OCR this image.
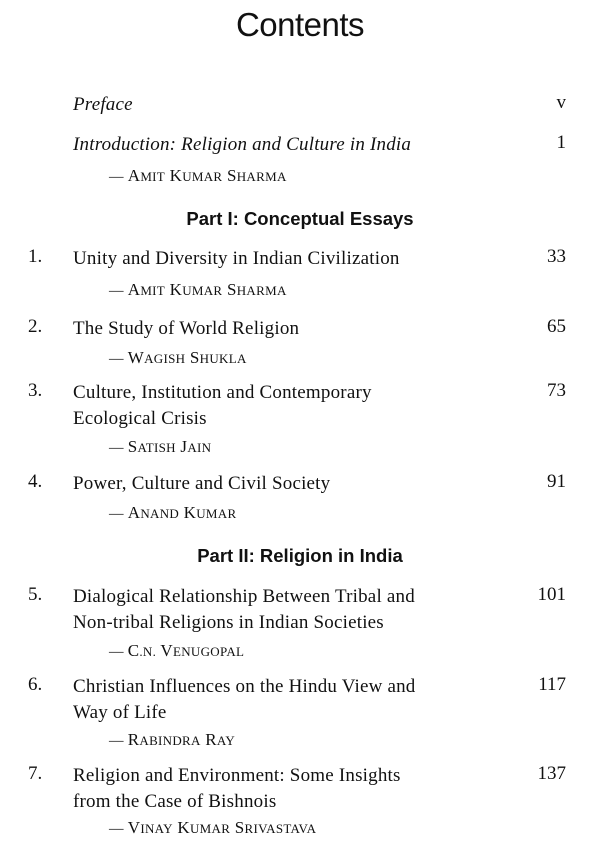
Contents
Preface	v
Introduction: Religion and Culture in India	1
— AMIT KUMAR SHARMA
Part I: Conceptual Essays
1. Unity and Diversity in Indian Civilization	33
— AMIT KUMAR SHARMA
2. The Study of World Religion	65
— WAGISH SHUKLA
3. Culture, Institution and Contemporary
Ecological Crisis
73
— SATISH JAIN
4. Power, Culture and Civil Society	91
— ANAND KUMAR
Part II: Religion in India
5. Dialogical Relationship Between Tribal and
Non-tribal Religions in Indian Societies
101
— C.N. VENUGOPAL
6. Christian Influences on the Hindu View and
Way of Life
117
— RABINDRA RAY
7. Religion and Environment: Some Insights
from the Case of Bishnois
137
— VINAY KUMAR SRIVASTAVA
